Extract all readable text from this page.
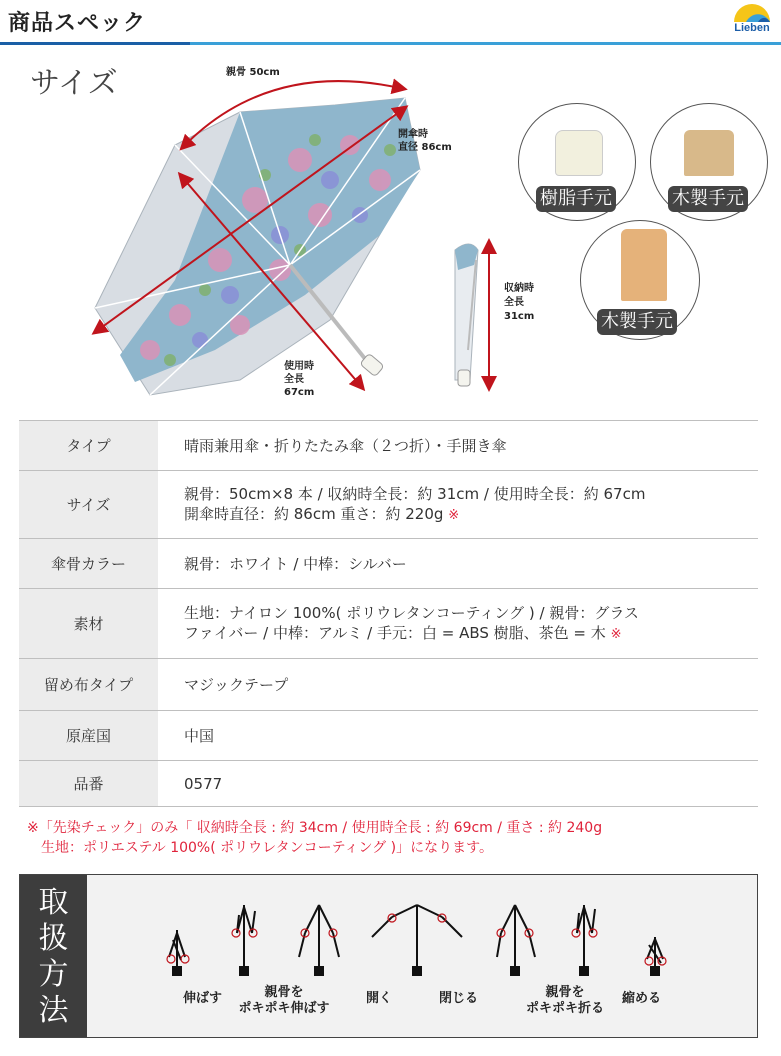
商品スペック	Lieben
サイズ	親骨 50cm
開傘時
直径 86cm
使用時
全長
67cm
収納時
全長
31cm
樹脂手元	木製手元
木製手元
タイプ	晴雨兼用傘・折りたたみ傘（２つ折）・手開き傘
サイズ	親骨：50cm×8 本 / 収納時全長：約 31cm / 使用時全長：約 67cm
開傘時直径：約 86cm 重さ：約 220g ※
傘骨カラー	親骨：ホワイト / 中棒：シルバー
素材	生地：ナイロン 100%( ポリウレタンコーティング ) / 親骨：グラス
ファイバー / 中棒：アルミ / 手元：白 = ABS 樹脂、茶色 = 木 ※
留め布タイプ	マジックテープ
原産国	中国
品番	0577
※「先染チェック」のみ「 収納時全長 : 約 34cm / 使用時全長 : 約 69cm / 重さ : 約 240g
　生地：ポリエステル 100%( ポリウレタンコーティング )」になります。
取
扱
方
法	伸ばす	親骨を
ポキポキ伸ばす
開く	閉じる	親骨を
ポキポキ折る
縮める
